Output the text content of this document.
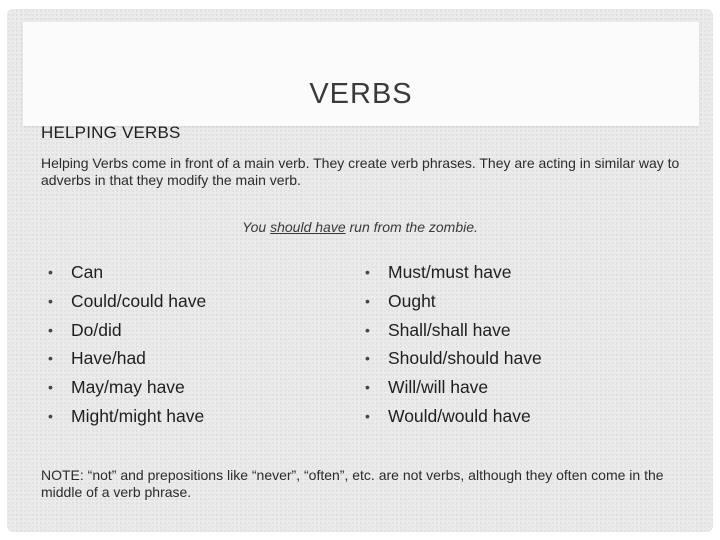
VERBS
HELPING VERBS
Helping Verbs come in front of a main verb. They create verb phrases. They are acting in similar way to adverbs in that they modify the main verb.
You should have run from the zombie.
• Can
• Could/could have
• Do/did
• Have/had
• May/may have
• Might/might have
• Must/must have
• Ought
• Shall/shall have
• Should/should have
• Will/will have
• Would/would have
NOTE: “not” and prepositions like “never”, “often”, etc. are not verbs, although they often come in the middle of a verb phrase.
